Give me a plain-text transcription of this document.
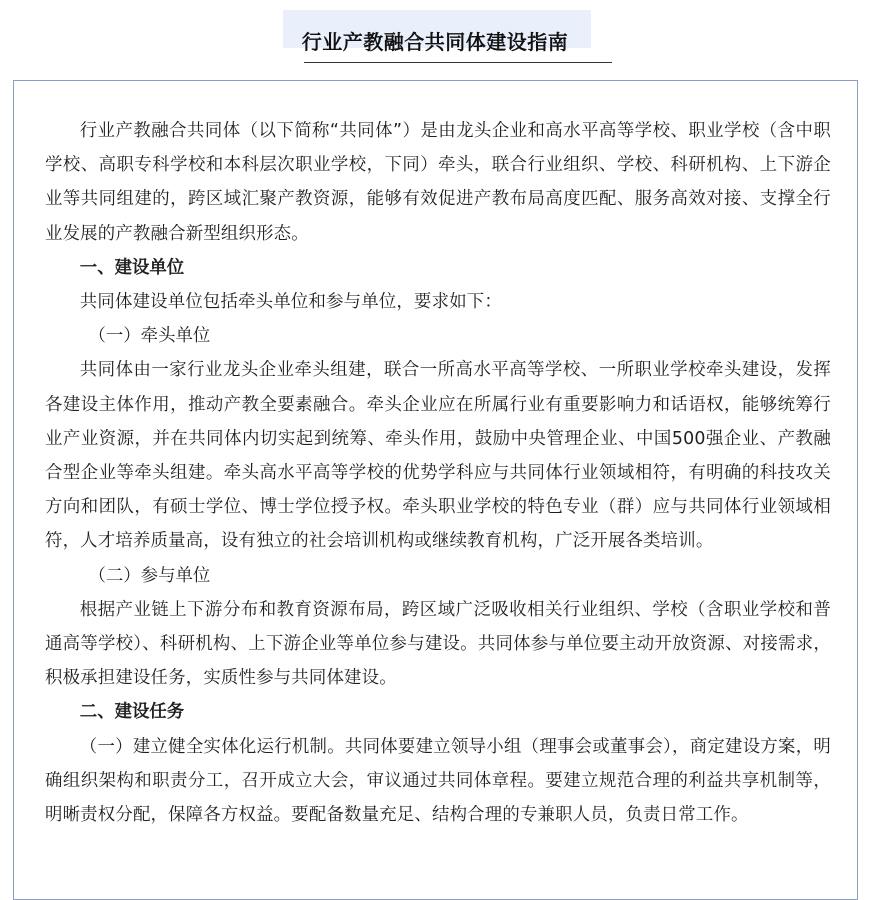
行业产教融合共同体建设指南

行业产教融合共同体（以下简称“共同体”）是由龙头企业和高水平高等学校、职业学校（含中职学校、高职专科学校和本科层次职业学校，下同）牵头，联合行业组织、学校、科研机构、上下游企业等共同组建的，跨区域汇聚产教资源，能够有效促进产教布局高度匹配、服务高效对接、支撑全行业发展的产教融合新型组织形态。

一、建设单位

共同体建设单位包括牵头单位和参与单位，要求如下：

（一）牵头单位

共同体由一家行业龙头企业牵头组建，联合一所高水平高等学校、一所职业学校牵头建设，发挥各建设主体作用，推动产教全要素融合。牵头企业应在所属行业有重要影响力和话语权，能够统筹行业产业资源，并在共同体内切实起到统筹、牵头作用，鼓励中央管理企业、中国500强企业、产教融合型企业等牵头组建。牵头高水平高等学校的优势学科应与共同体行业领域相符，有明确的科技攻关方向和团队，有硕士学位、博士学位授予权。牵头职业学校的特色专业（群）应与共同体行业领域相符，人才培养质量高，设有独立的社会培训机构或继续教育机构，广泛开展各类培训。

（二）参与单位

根据产业链上下游分布和教育资源布局，跨区域广泛吸收相关行业组织、学校（含职业学校和普通高等学校）、科研机构、上下游企业等单位参与建设。共同体参与单位要主动开放资源、对接需求，积极承担建设任务，实质性参与共同体建设。

二、建设任务

（一）建立健全实体化运行机制。共同体要建立领导小组（理事会或董事会），商定建设方案，明确组织架构和职责分工，召开成立大会，审议通过共同体章程。要建立规范合理的利益共享机制等，明晰责权分配，保障各方权益。要配备数量充足、结构合理的专兼职人员，负责日常工作。
